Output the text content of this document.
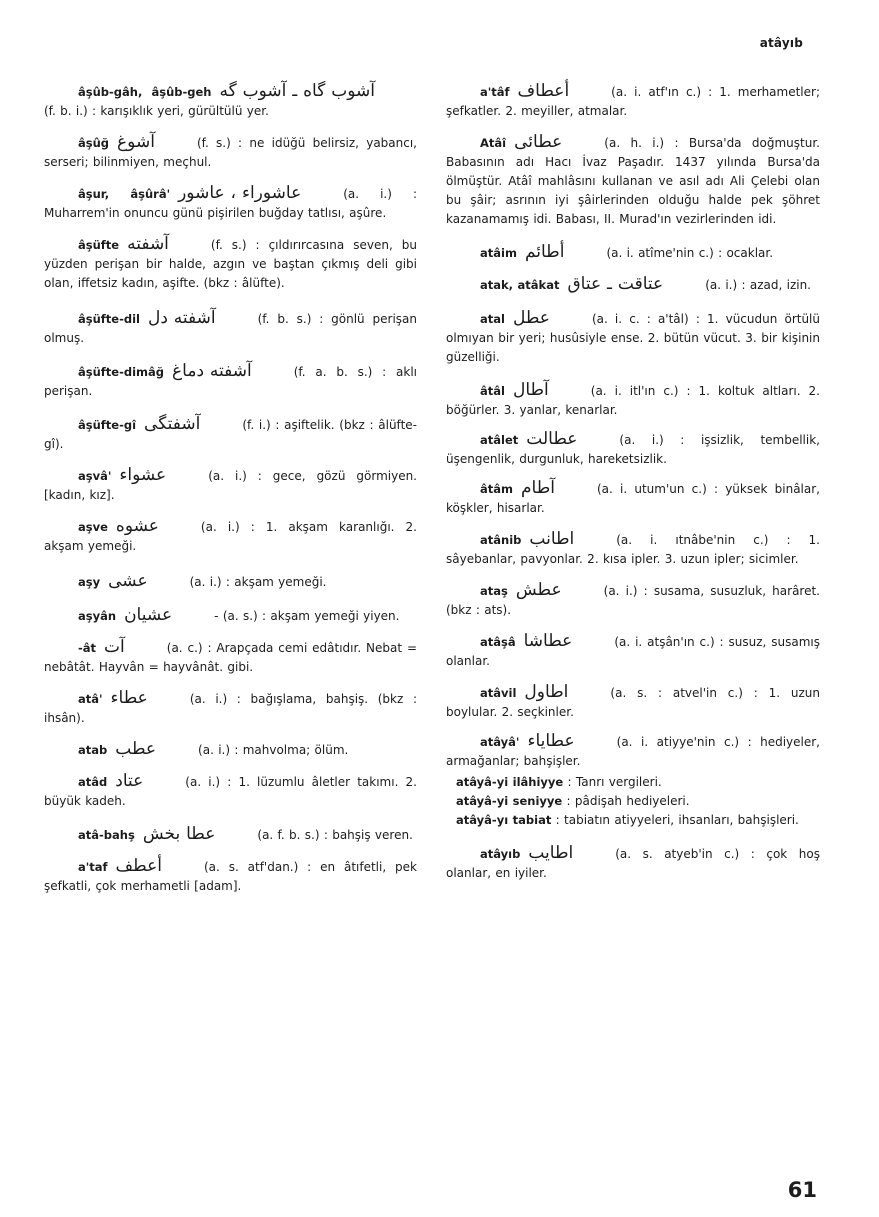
atâyıb

âşûb-gâh, âşûb-geh آشوب گاه ـ آشوب گه(f. b. i.) : karışıklık yeri, gürültülü yer.

âşûğ آشوغ	(f. s.) : ne idüğü belirsiz, yabancı, serseri; bilinmiyen, meçhul.

âşur, âşûrâ' عاشوراء ، عاشور	(a. i.) : Muharrem'in onuncu günü pişirilen buğday tatlısı, aşûre.

âşüfte آشفته	(f. s.) : çıldırırcasına seven, bu yüzden perişan bir halde, azgın ve baştan çıkmış deli gibi olan, iffetsiz kadın, aşifte. (bkz : âlüfte).

âşüfte-dil آشفته دل	(f. b. s.) : gönlü perişan olmuş.

âşüfte-dimâğ آشفته دماغ	(f. a. b. s.) : aklı perişan.

âşüfte-gî آشفتگی	(f. i.) : aşiftelik. (bkz : âlüfte-gî).

aşvâ' عشواء	(a. i.) : gece, gözü görmiyen. [kadın, kız].

aşve عشوه	(a. i.) : 1. akşam karanlığı. 2. akşam yemeği.

aşy عشى	(a. i.) : akşam yemeği.

aşyân عشيان	- (a. s.) : akşam yemeği yiyen.

-ât آت	(a. c.) : Arapçada cemi edâtıdır. Nebat = nebâtât. Hayvân = hayvânât. gibi.

atâ' عطاء	(a. i.) : bağışlama, bahşiş. (bkz : ihsân).

atab عطب	(a. i.) : mahvolma; ölüm.

atâd عتاد	(a. i.) : 1. lüzumlu âletler takımı. 2. büyük kadeh.

atâ-bahş عطا بخش	(a. f. b. s.) : bahşiş veren.

a'taf أعطف	(a. s. atf'dan.) : en âtıfetli, pek şefkatli, çok merhametli [adam].

a'tâf أعطاف	(a. i. atf'ın c.) : 1. merhametler; şefkatler. 2. meyiller, atmalar.

Atâî عطائى	(a. h. i.) : Bursa'da doğmuştur. Babasının adı Hacı İvaz Paşadır. 1437 yılında Bursa'da ölmüştür. Atâî mahlâsını kullanan ve asıl adı Ali Çelebi olan bu şâir; asrının iyi şâirlerinden olduğu halde pek şöhret kazanamamış idi. Babası, II. Murad'ın vezirlerinden idi.

atâim أطائم	(a. i. atîme'nin c.) : ocaklar.

atak, atâkat عتاقت ـ عتاق	(a. i.) : azad, izin.

atal عطل	(a. i. c. : a'tâl) : 1. vücudun örtülü olmıyan bir yeri; husûsiyle ense. 2. bütün vücut. 3. bir kişinin güzelliği.

âtâl آطال	(a. i. itl'ın c.) : 1. koltuk altları. 2. böğürler. 3. yanlar, kenarlar.

atâlet عطالت	(a. i.) : işsizlik, tembellik, üşengenlik, durgunluk, hareketsizlik.

âtâm آطام	(a. i. utum'un c.) : yüksek binâlar, köşkler, hisarlar.

atânib اطانب	(a. i. ıtnâbe'nin c.) : 1. sâyebanlar, pavyonlar. 2. kısa ipler. 3. uzun ipler; sicimler.

ataş عطش	(a. i.) : susama, susuzluk, harâret. (bkz : ats).

atâşâ عطاشا	(a. i. atşân'ın c.) : susuz, susamış olanlar.

atâvil اطاول	(a. s. : atvel'in c.) : 1. uzun boylular. 2. seçkinler.

atâyâ' عطاياء	(a. i. atiyye'nin c.) : hediyeler, armağanlar; bahşişler.

atâyâ-yi ilâhiyye : Tanrı vergileri.

atâyâ-yi seniyye : pâdişah hediyeleri.

atâyâ-yı tabiat : tabiatın atiyyeleri, ihsanları, bahşişleri.

atâyıb اطايب	(a. s. atyeb'in c.) : çok hoş olanlar, en iyiler.

61
